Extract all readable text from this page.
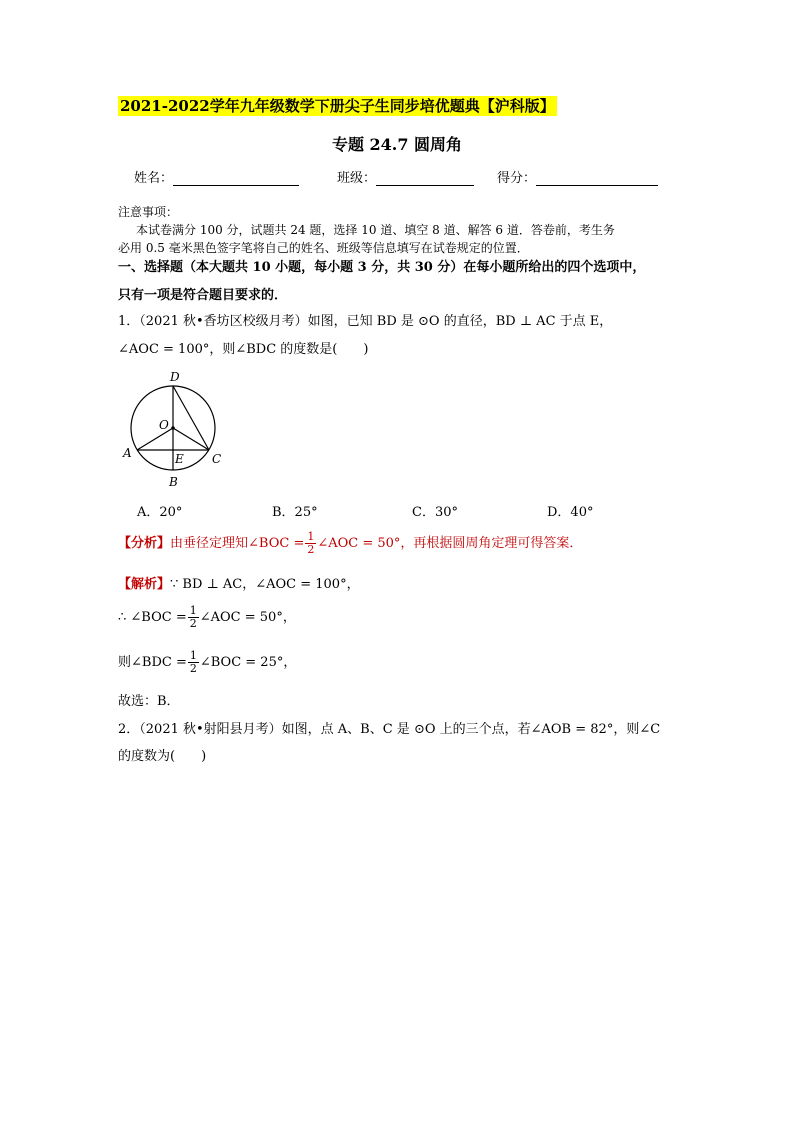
2021-2022学年九年级数学下册尖子生同步培优题典【沪科版】
专题 24.7 圆周角
姓名：	班级：	得分：
注意事项：
本试卷满分 100 分，试题共 24 题，选择 10 道、填空 8 道、解答 6 道．答卷前，考生务
必用 0.5 毫米黑色签字笔将自己的姓名、班级等信息填写在试卷规定的位置．
一、选择题（本大题共 10 小题，每小题 3 分，共 30 分）在每小题所给出的四个选项中，
只有一项是符合题目要求的．
1．（2021 秋•香坊区校级月考）如图，已知 BD 是 ⊙O 的直径，BD ⊥ AC 于点 E，
∠AOC = 100°，则∠BDC 的度数是(　　)
D
O
A	E C
B
A．20°	B．25°	C．30°	D．40°
【分析】由垂径定理知∠BOC = $\frac{1}{2}$ ∠AOC = 50°，再根据圆周角定理可得答案．
【解析】∵ BD ⊥ AC，∠AOC = 100°，
∴ ∠BOC = $\frac{1}{2}$ ∠AOC = 50°，
则∠BDC = $\frac{1}{2}$ ∠BOC = 25°，
故选：B．
2．（2021 秋•射阳县月考）如图，点 A、B、C 是 ⊙O 上的三个点，若∠AOB = 82°，则∠C
的度数为(　　)
